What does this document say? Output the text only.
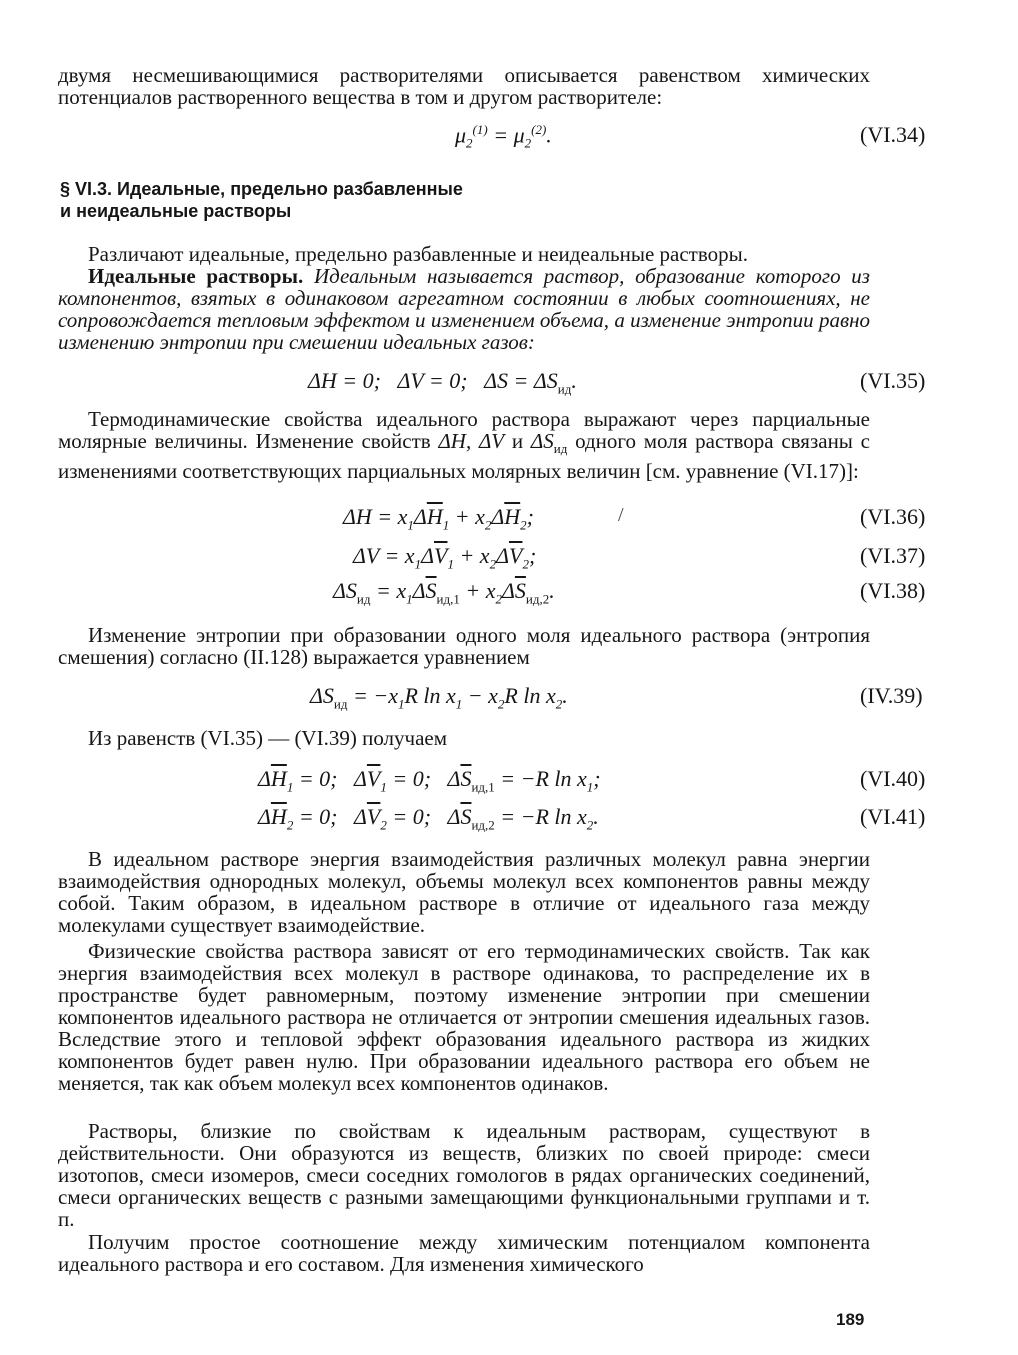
двумя несмешивающимися растворителями описывается равенством химических потенциалов растворенного вещества в том и другом растворителе:

$\mu_2^{(1)} = \mu_2^{(2)}$.	(VI.34)
§ VI.3. Идеальные, предельно разбавленные
и неидеальные растворы

Различают идеальные, предельно разбавленные и неидеальные растворы.

Идеальные растворы. Идеальным называется раствор, образование которого из компонентов, взятых в одинаковом агрегатном состоянии в любых соотношениях, не сопровождается тепловым эффектом и изменением объема, а изменение энтропии равно изменению энтропии при смешении идеальных газов:

ΔH = 0;   ΔV = 0;   $\Delta S = \Delta S_{ид}$.	(VI.35)

Термодинамические свойства идеального раствора выражают через парциальные молярные величины. Изменение свойств ΔH, ΔV и $\Delta S_{ид}$ одного моля раствора связаны с изменениями соответствующих парциальных молярных величин [см. уравнение (VI.17)]:

$\Delta H = x_1\Delta\overline{H}_1 + x_2\Delta\overline{H}_2$;	/	(VI.36)
$\Delta V = x_1\Delta\overline{V}_1 + x_2\Delta\overline{V}_2$;	(VI.37)
$\Delta S_{ид} = x_1\Delta\overline{S}_{ид,1} + x_2\Delta\overline{S}_{ид,2}$.	(VI.38)

Изменение энтропии при образовании одного моля идеального раствора (энтропия смешения) согласно (II.128) выражается уравнением

$\Delta S_{ид} = -x_1R$ $\ln x_1 - x_2R$ $\ln x_2$.	(IV.39)

Из равенств (VI.35) — (VI.39) получаем

$\Delta\overline{H}_1 = 0$;   $\Delta\overline{V}_1 = 0$;   $\Delta\overline{S}_{ид,1} = -R$ $\ln x_1$;	(VI.40)
$\Delta\overline{H}_2 = 0$;   $\Delta\overline{V}_2 = 0$;   $\Delta\overline{S}_{ид,2} = -R$ $\ln x_2$.	(VI.41)

В идеальном растворе энергия взаимодействия различных молекул равна энергии взаимодействия однородных молекул, объемы молекул всех компонентов равны между собой. Таким образом, в идеальном растворе в отличие от идеального газа между молекулами существует взаимодействие.

Физические свойства раствора зависят от его термодинамических свойств. Так как энергия взаимодействия всех молекул в растворе одинакова, то распределение их в пространстве будет равномерным, поэтому изменение энтропии при смешении компонентов идеального раствора не отличается от энтропии смешения идеальных газов. Вследствие этого и тепловой эффект образования идеального раствора из жидких компонентов будет равен нулю. При образовании идеального раствора его объем не меняется, так как объем молекул всех компонентов одинаков.

Растворы, близкие по свойствам к идеальным растворам, существуют в действительности. Они образуются из веществ, близких по своей природе: смеси изотопов, смеси изомеров, смеси соседних гомологов в рядах органических соединений, смеси органических веществ с разными замещающими функциональными группами и т. п.

Получим простое соотношение между химическим потенциалом компонента идеального раствора и его составом. Для изменения химического

189
